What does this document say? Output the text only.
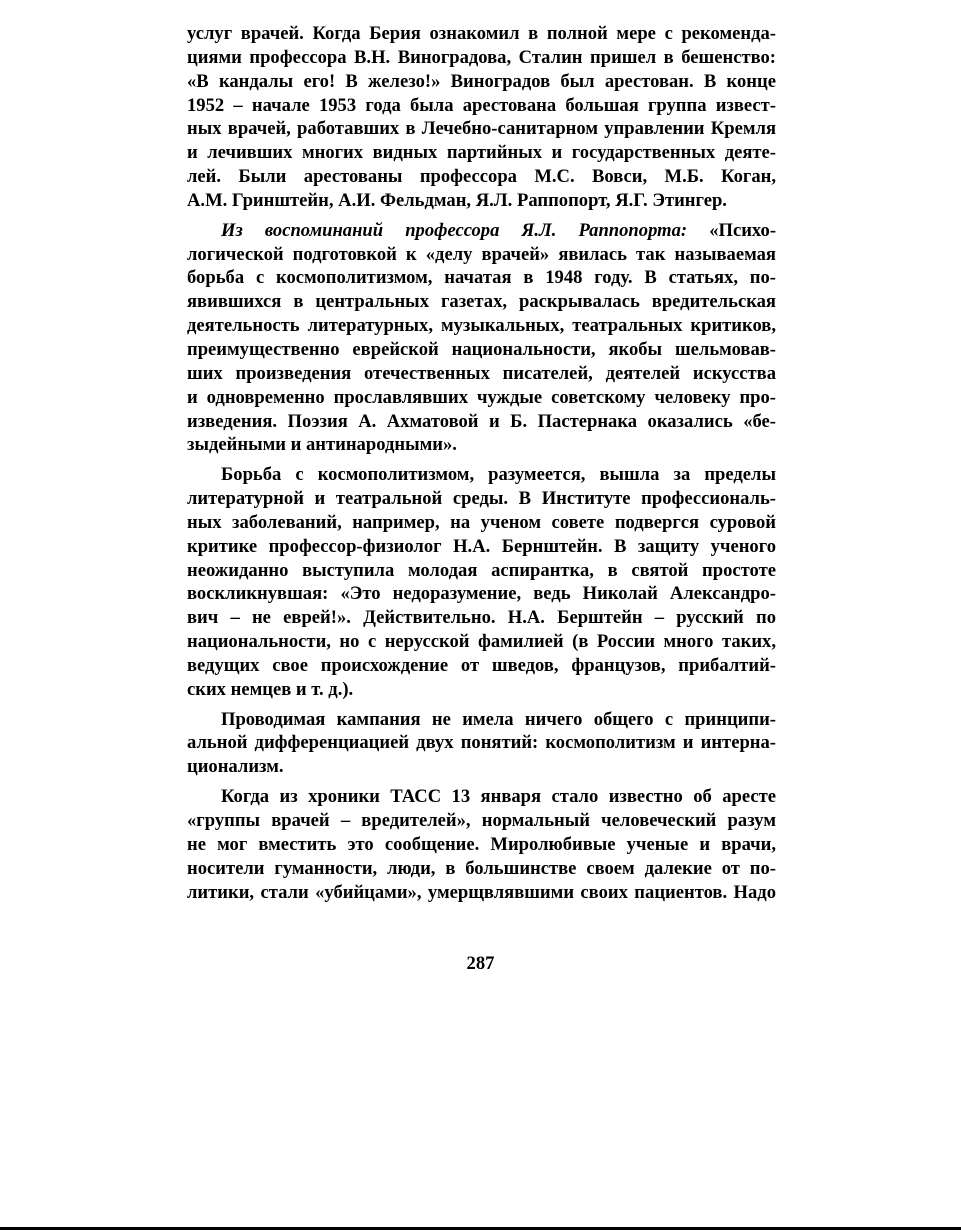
услуг врачей. Когда Берия ознакомил в полной мере с рекоменда-
циями профессора В.Н. Виноградова, Сталин пришел в бешенство:
«В кандалы его! В железо!» Виноградов был арестован. В конце
1952 – начале 1953 года была арестована большая группа извест-
ных врачей, работавших в Лечебно-санитарном управлении Кремля
и лечивших многих видных партийных и государственных деяте-
лей. Были арестованы профессора М.С. Вовси, М.Б. Коган,
А.М. Гринштейн, А.И. Фельдман, Я.Л. Раппопорт, Я.Г. Этингер.
Из воспоминаний профессора Я.Л. Раппопорта: «Психо-
логической подготовкой к «делу врачей» явилась так называемая
борьба с космополитизмом, начатая в 1948 году. В статьях, по-
явившихся в центральных газетах, раскрывалась вредительская
деятельность литературных, музыкальных, театральных критиков,
преимущественно еврейской национальности, якобы шельмовав-
ших произведения отечественных писателей, деятелей искусства
и одновременно прославлявших чуждые советскому человеку про-
изведения. Поэзия А. Ахматовой и Б. Пастернака оказались «бе-
зыдейными и антинародными».
Борьба с космополитизмом, разумеется, вышла за пределы
литературной и театральной среды. В Институте профессиональ-
ных заболеваний, например, на ученом совете подвергся суровой
критике профессор-физиолог Н.А. Бернштейн. В защиту ученого
неожиданно выступила молодая аспирантка, в святой простоте
воскликнувшая: «Это недоразумение, ведь Николай Александро-
вич – не еврей!». Действительно. Н.А. Берштейн – русский по
национальности, но с нерусской фамилией (в России много таких,
ведущих свое происхождение от шведов, французов, прибалтий-
ских немцев и т. д.).
Проводимая кампания не имела ничего общего с принципи-
альной дифференциацией двух понятий: космополитизм и интерна-
ционализм.
Когда из хроники ТАСС 13 января стало известно об аресте
«группы врачей – вредителей», нормальный человеческий разум
не мог вместить это сообщение. Миролюбивые ученые и врачи,
носители гуманности, люди, в большинстве своем далекие от по-
литики, стали «убийцами», умерщвлявшими своих пациентов. Надо
287
